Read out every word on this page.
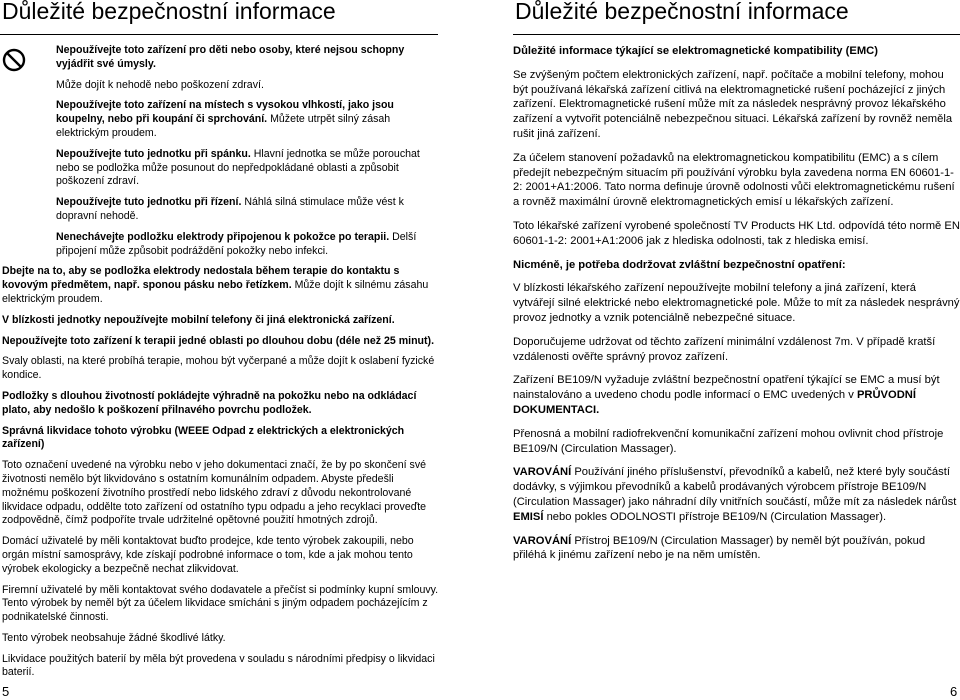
Důležité bezpečnostní informace	Důležité bezpečnostní informace

Nepoužívejte toto zařízení pro děti nebo osoby, které nejsou schopny vyjádřit své úmysly.

Může dojít k nehodě nebo poškození zdraví.

Nepoužívejte toto zařízení na místech s vysokou vlhkostí, jako jsou koupelny, nebo při koupání či sprchování. Můžete utrpět silný zásah elektrickým proudem.

Nepoužívejte tuto jednotku při spánku. Hlavní jednotka se může porouchat nebo se podložka může posunout do nepředpokládané oblasti a způsobit poškození zdraví.

Nepoužívejte tuto jednotku při řízení. Náhlá silná stimulace může vést k dopravní nehodě.

Nenechávejte podložku elektrody připojenou k pokožce po terapii. Delší připojení může způsobit podráždění pokožky nebo infekci.

Dbejte na to, aby se podložka elektrody nedostala během terapie do kontaktu s kovovým předmětem, např. sponou pásku nebo řetízkem. Může dojít k silnému zásahu elektrickým proudem.

V blízkosti jednotky nepoužívejte mobilní telefony či jiná elektronická zařízení.

Nepoužívejte toto zařízení k terapii jedné oblasti po dlouhou dobu (déle než 25 minut).

Svaly oblasti, na které probíhá terapie, mohou být vyčerpané a může dojít k oslabení fyzické kondice.

Podložky s dlouhou životností pokládejte výhradně na pokožku nebo na odkládací plato, aby nedošlo k poškození přilnavého povrchu podložek.

Správná likvidace tohoto výrobku (WEEE Odpad z elektrických a elektronických zařízení)

Toto označení uvedené na výrobku nebo v jeho dokumentaci značí, že by po skončení své životnosti nemělo být likvidováno s ostatním komunálním odpadem. Abyste předešli možnému poškození životního prostředí nebo lidského zdraví z důvodu nekontrolované likvidace odpadu, oddělte toto zařízení od ostatního typu odpadu a jeho recyklaci proveďte zodpovědně, čímž podpoříte trvale udržitelné opětovné použití hmotných zdrojů.

Domácí uživatelé by měli kontaktovat buďto prodejce, kde tento výrobek zakoupili, nebo orgán místní samosprávy, kde získají podrobné informace o tom, kde a jak mohou tento výrobek ekologicky a bezpečně nechat zlikvidovat.

Firemní uživatelé by měli kontaktovat svého dodavatele a přečíst si podmínky kupní smlouvy. Tento výrobek by neměl být za účelem likvidace smícháni s jiným odpadem pocházejícím z podnikatelské činnosti.

Tento výrobek neobsahuje žádné škodlivé látky.

Likvidace použitých baterií by měla být provedena v souladu s národními předpisy o likvidaci baterií.

Důležité informace týkající se elektromagnetické kompatibility (EMC)

Se zvýšeným počtem elektronických zařízení, např. počítače a mobilní telefony, mohou být používaná lékařská zařízení citlivá na elektromagnetické rušení pocházející z jiných zařízení. Elektromagnetické rušení může mít za následek nesprávný provoz lékařského zařízení a vytvořit potenciálně nebezpečnou situaci. Lékařská zařízení by rovněž neměla rušit jiná zařízení.

Za účelem stanovení požadavků na elektromagnetickou kompatibilitu (EMC) a s cílem předejít nebezpečným situacím při používání výrobku byla zavedena norma EN 60601-1-2: 2001+A1:2006. Tato norma definuje úrovně odolnosti vůči elektromagnetickému rušení a rovněž maximální úrovně elektromagnetických emisí u lékařských zařízení.

Toto lékařské zařízení vyrobené společností TV Products HK Ltd. odpovídá této normě EN 60601-1-2: 2001+A1:2006 jak z hlediska odolnosti, tak z hlediska emisí.

Nicméně, je potřeba dodržovat zvláštní bezpečnostní opatření:

V blízkosti lékařského zařízení nepoužívejte mobilní telefony a jiná zařízení, která vytvářejí silné elektrické nebo elektromagnetické pole. Může to mít za následek nesprávný provoz jednotky a vznik potenciálně nebezpečné situace.

Doporučujeme udržovat od těchto zařízení minimální vzdálenost 7m. V případě kratší vzdálenosti ověřte správný provoz zařízení.

Zařízení BE109/N vyžaduje zvláštní bezpečnostní opatření týkající se EMC a musí být nainstalováno a uvedeno chodu podle informací o EMC uvedených v PRŮVODNÍ DOKUMENTACI.

Přenosná a mobilní radiofrekvenční komunikační zařízení mohou ovlivnit chod přístroje BE109/N (Circulation Massager).

VAROVÁNÍ Používání jiného příslušenství, převodníků a kabelů, než které byly součástí dodávky, s výjimkou převodníků a kabelů prodávaných výrobcem přístroje BE109/N (Circulation Massager) jako náhradní díly vnitřních součástí, může mít za následek nárůst EMISÍ nebo pokles ODOLNOSTI přístroje BE109/N (Circulation Massager).

VAROVÁNÍ Přístroj BE109/N (Circulation Massager) by neměl být používán, pokud přiléhá k jinému zařízení nebo je na něm umístěn.

5	6
